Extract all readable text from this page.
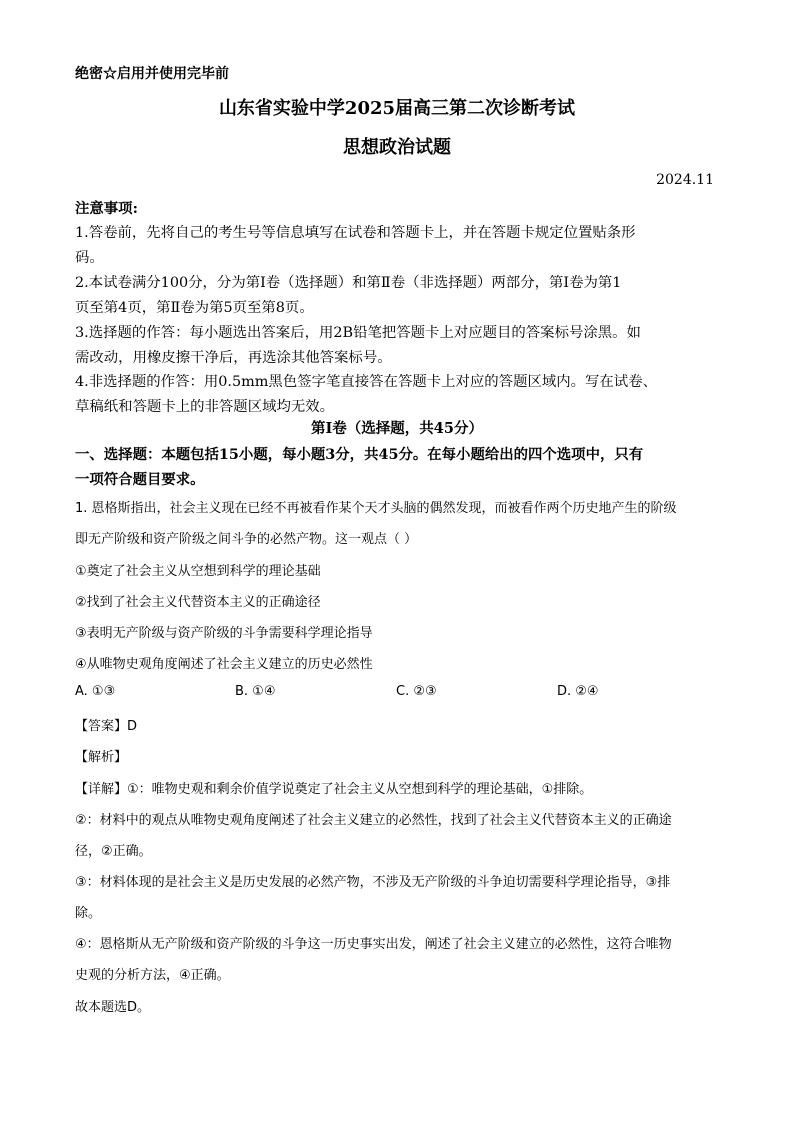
绝密☆启用并使用完毕前
山东省实验中学2025届高三第二次诊断考试
思想政治试题
2024.11
注意事项:
1.答卷前，先将自己的考生号等信息填写在试卷和答题卡上，并在答题卡规定位置贴条形
码。
2.本试卷满分100分，分为第Ⅰ卷（选择题）和第Ⅱ卷（非选择题）两部分，第Ⅰ卷为第1
页至第4页，第Ⅱ卷为第5页至第8页。
3.选择题的作答：每小题选出答案后，用2B铅笔把答题卡上对应题目的答案标号涂黑。如
需改动，用橡皮擦干净后，再选涂其他答案标号。
4.非选择题的作答：用0.5mm黑色签字笔直接答在答题卡上对应的答题区域内。写在试卷、
草稿纸和答题卡上的非答题区域均无效。
第Ⅰ卷（选择题，共45分）
一、选择题：本题包括15小题，每小题3分，共45分。在每小题给出的四个选项中，只有
一项符合题目要求。
1. 恩格斯指出，社会主义现在已经不再被看作某个天才头脑的偶然发现，而被看作两个历史地产生的阶级
即无产阶级和资产阶级之间斗争的必然产物。这一观点（ ）
①奠定了社会主义从空想到科学的理论基础
②找到了社会主义代替资本主义的正确途径
③表明无产阶级与资产阶级的斗争需要科学理论指导
④从唯物史观角度阐述了社会主义建立的历史必然性
A. ①③	B. ①④	C. ②③	D. ②④
【答案】D
【解析】
【详解】①：唯物史观和剩余价值学说奠定了社会主义从空想到科学的理论基础，①排除。
②：材料中的观点从唯物史观角度阐述了社会主义建立的必然性，找到了社会主义代替资本主义的正确途
径，②正确。
③：材料体现的是社会主义是历史发展的必然产物，不涉及无产阶级的斗争迫切需要科学理论指导，③排
除。
④：恩格斯从无产阶级和资产阶级的斗争这一历史事实出发，阐述了社会主义建立的必然性，这符合唯物
史观的分析方法，④正确。
故本题选D。
